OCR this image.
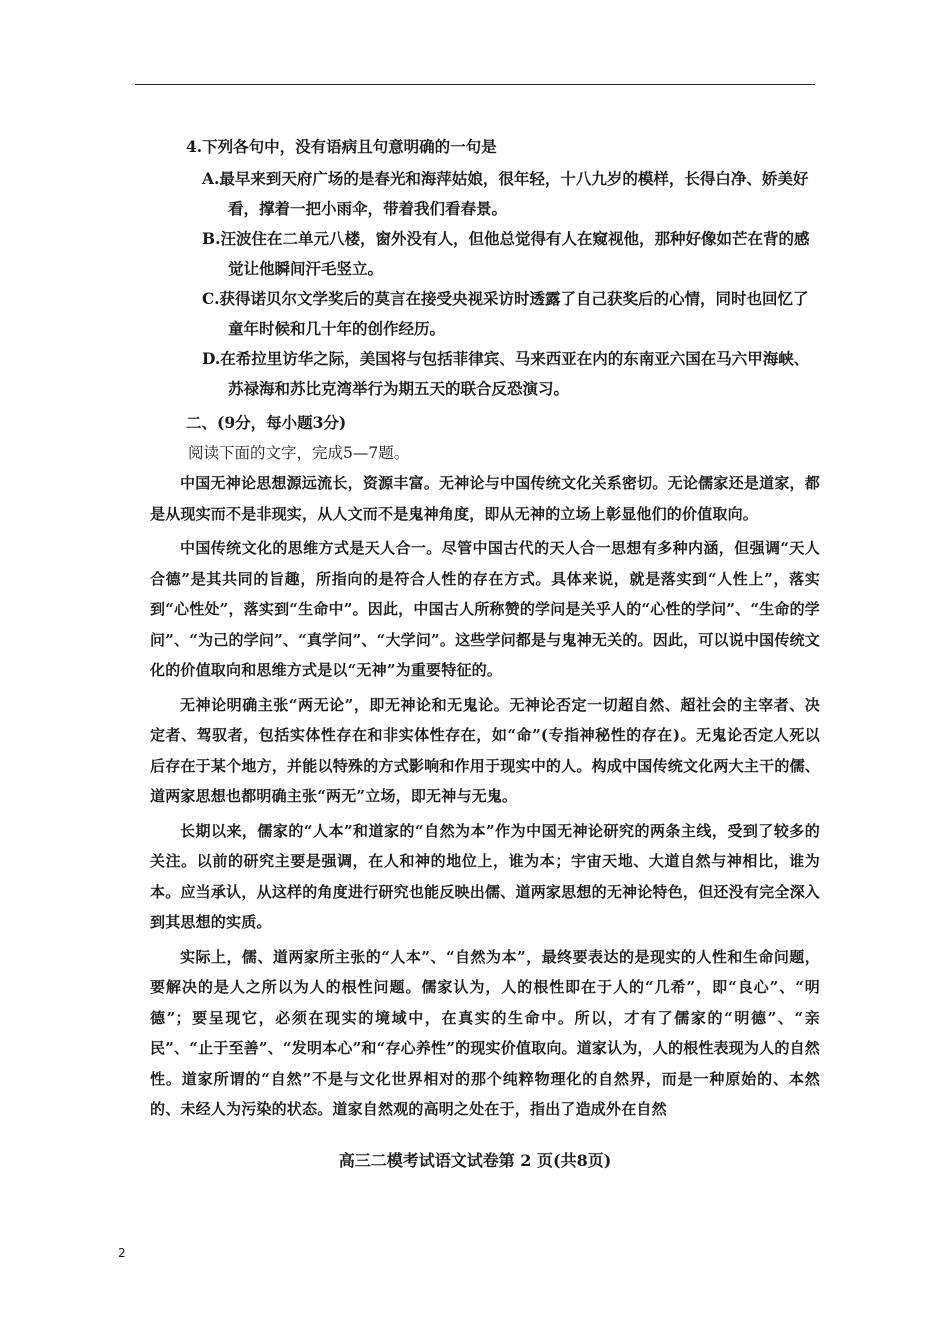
4.下列各句中，没有语病且句意明确的一句是
A.最早来到天府广场的是春光和海萍姑娘，很年轻，十八九岁的模样，长得白净、娇美好看，撑着一把小雨伞，带着我们看春景。
B.汪波住在二单元八楼，窗外没有人，但他总觉得有人在窥视他，那种好像如芒在背的感觉让他瞬间汗毛竖立。
C.获得诺贝尔文学奖后的莫言在接受央视采访时透露了自己获奖后的心情，同时也回忆了童年时候和几十年的创作经历。
D.在希拉里访华之际，美国将与包括菲律宾、马来西亚在内的东南亚六国在马六甲海峡、苏禄海和苏比克湾举行为期五天的联合反恐演习。
二、(9分，每小题3分)
阅读下面的文字，完成5—7题。

中国无神论思想源远流长，资源丰富。无神论与中国传统文化关系密切。无论儒家还是道家，都是从现实而不是非现实，从人文而不是鬼神角度，即从无神的立场上彰显他们的价值取向。

中国传统文化的思维方式是天人合一。尽管中国古代的天人合一思想有多种内涵，但强调“天人合德”是其共同的旨趣，所指向的是符合人性的存在方式。具体来说，就是落实到“人性上”，落实到“心性处”，落实到“生命中”。因此，中国古人所称赞的学问是关乎人的“心性的学问”、“生命的学问”、“为己的学问”、“真学问”、“大学问”。这些学问都是与鬼神无关的。因此，可以说中国传统文化的价值取向和思维方式是以“无神”为重要特征的。

无神论明确主张“两无论”，即无神论和无鬼论。无神论否定一切超自然、超社会的主宰者、决定者、驾驭者，包括实体性存在和非实体性存在，如“命”(专指神秘性的存在)。无鬼论否定人死以后存在于某个地方，并能以特殊的方式影响和作用于现实中的人。构成中国传统文化两大主干的儒、道两家思想也都明确主张“两无”立场，即无神与无鬼。

长期以来，儒家的“人本”和道家的“自然为本”作为中国无神论研究的两条主线，受到了较多的关注。以前的研究主要是强调，在人和神的地位上，谁为本；宇宙天地、大道自然与神相比，谁为本。应当承认，从这样的角度进行研究也能反映出儒、道两家思想的无神论特色，但还没有完全深入到其思想的实质。

实际上，儒、道两家所主张的“人本”、“自然为本”，最终要表达的是现实的人性和生命问题，要解决的是人之所以为人的根性问题。儒家认为，人的根性即在于人的“几希”，即“良心”、“明德”；要呈现它，必须在现实的境域中，在真实的生命中。所以，才有了儒家的“明德”、“亲民”、“止于至善”、“发明本心”和“存心养性”的现实价值取向。道家认为，人的根性表现为人的自然性。道家所谓的“自然”不是与文化世界相对的那个纯粹物理化的自然界，而是一种原始的、本然的、未经人为污染的状态。道家自然观的高明之处在于，指出了造成外在自然

高三二模考试语文试卷第 2 页(共8页)
2
